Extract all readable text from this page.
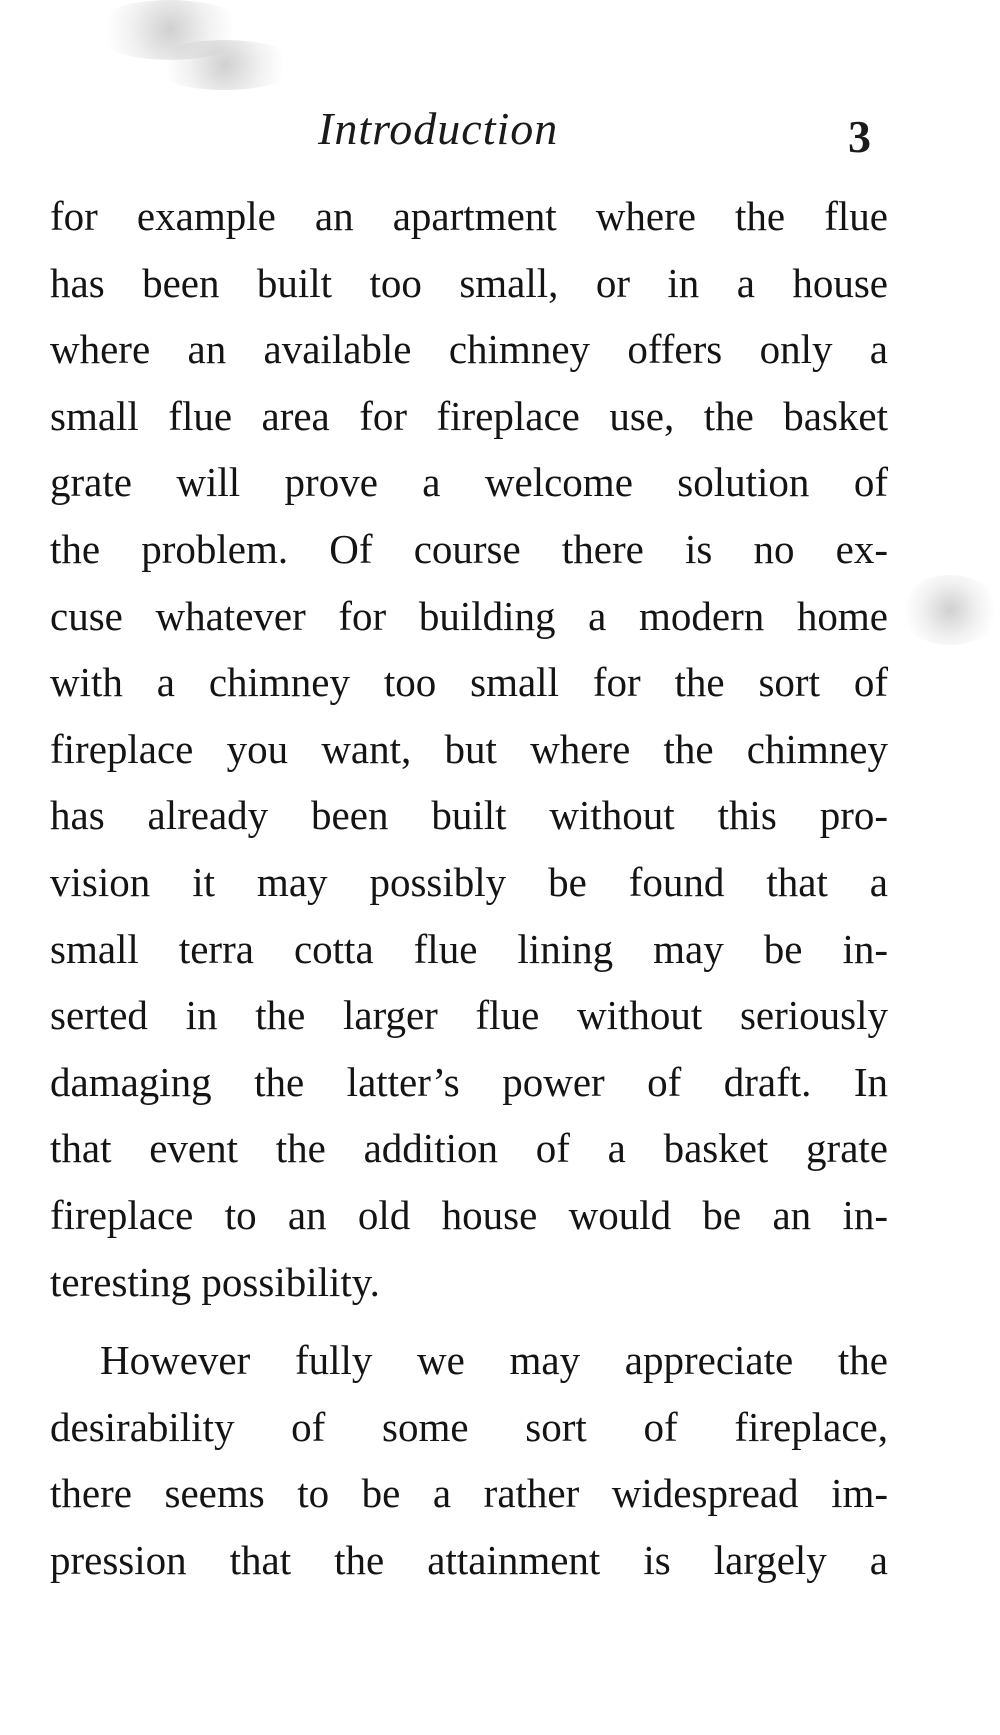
Introduction	3
for example an apartment where the flue
has been built too small, or in a house
where an available chimney offers only a
small flue area for fireplace use, the basket
grate will prove a welcome solution of
the problem. Of course there is no ex-
cuse whatever for building a modern home
with a chimney too small for the sort of
fireplace you want, but where the chimney
has already been built without this pro-
vision it may possibly be found that a
small terra cotta flue lining may be in-
serted in the larger flue without seriously
damaging the latter’s power of draft. In
that event the addition of a basket grate
fireplace to an old house would be an in-
teresting possibility.
However fully we may appreciate the
desirability of some sort of fireplace,
there seems to be a rather widespread im-
pression that the attainment is largely a
